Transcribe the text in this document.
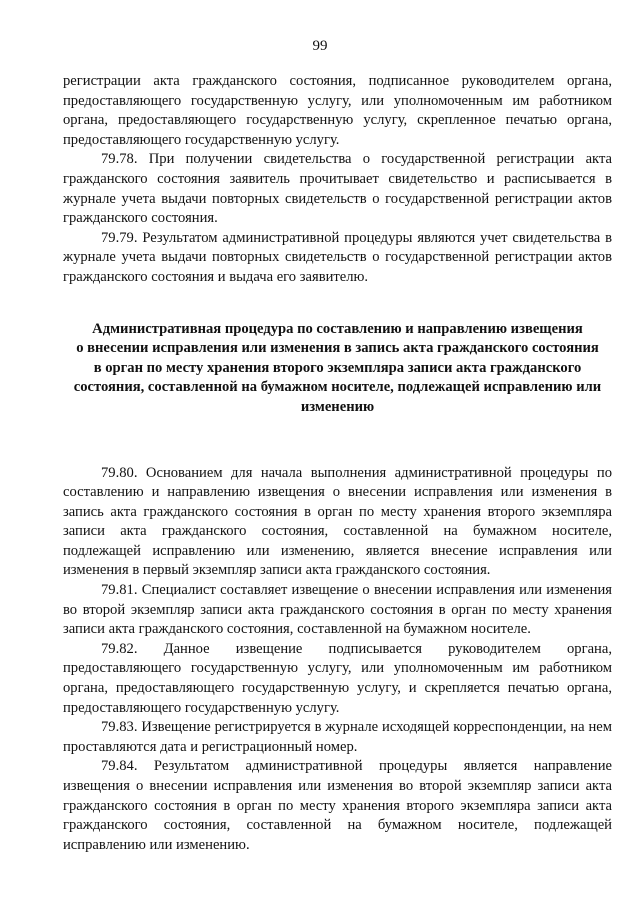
99

регистрации акта гражданского состояния, подписанное руководителем органа, предоставляющего государственную услугу, или уполномоченным им работником органа, предоставляющего государственную услугу, скрепленное печатью органа, предоставляющего государственную услугу.

79.78. При получении свидетельства о государственной регистрации акта гражданского состояния заявитель прочитывает свидетельство и расписывается в журнале учета выдачи повторных свидетельств о государственной регистрации актов гражданского состояния.

79.79. Результатом административной процедуры являются учет свидетельства в журнале учета выдачи повторных свидетельств о государственной регистрации актов гражданского состояния и выдача его заявителю.

Административная процедура по составлению и направлению извещения
о внесении исправления или изменения в запись акта гражданского состояния
в орган по месту хранения второго экземпляра записи акта гражданского
состояния, составленной на бумажном носителе, подлежащей исправлению или
изменению

79.80. Основанием для начала выполнения административной процедуры по составлению и направлению извещения о внесении исправления или изменения в запись акта гражданского состояния в орган по месту хранения второго экземпляра записи акта гражданского состояния, составленной на бумажном носителе, подлежащей исправлению или изменению, является внесение исправления или изменения в первый экземпляр записи акта гражданского состояния.

79.81. Специалист составляет извещение о внесении исправления или изменения во второй экземпляр записи акта гражданского состояния в орган по месту хранения записи акта гражданского состояния, составленной на бумажном носителе.

79.82. Данное извещение подписывается руководителем органа, предоставляющего государственную услугу, или уполномоченным им работником органа, предоставляющего государственную услугу, и скрепляется печатью органа, предоставляющего государственную услугу.

79.83. Извещение регистрируется в журнале исходящей корреспонденции, на нем проставляются дата и регистрационный номер.

79.84. Результатом административной процедуры является направление извещения о внесении исправления или изменения во второй экземпляр записи акта гражданского состояния в орган по месту хранения второго экземпляра записи акта гражданского состояния, составленной на бумажном носителе, подлежащей исправлению или изменению.
